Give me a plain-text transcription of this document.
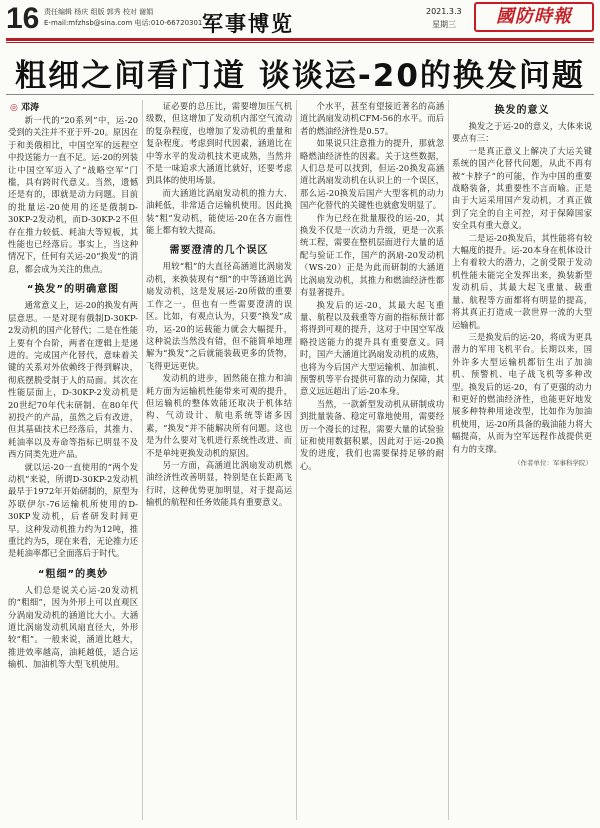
16 责任编辑 杨庆 组版 郭秀 校对 谢娟
E-mail:mfzhsb@sina.com 电话:010-66720301 军事博览
2021.3.3
星期三	國防時報
粗细之间看门道 谈谈运-20的换发问题
◎ 邓涛

新一代的“20系列”中，运-20受到的关注并不亚于歼-20。原因在于和美俄相比，中国空军的远程空中投送能力一直不足。运-20的列装让中国空军迈入了“战略空军”门槛，具有跨时代意义。当然，遗憾还是有的，即就是动力问题。目前的批量运-20使用的还是俄制D-30KP-2发动机，而D-30KP-2不但存在推力较低、耗油大等短板，其性能也已经落后。事实上，当这种情况下，任何有关运-20“换发”的消息，都会成为关注的焦点。

“换发”的明确意图

通常意义上，运-20的换发有两层意思。一是对现有俄制D-30KP-2发动机的国产化替代；二是在性能上要有个台阶，两者在逻辑上是递进的。完成国产化替代，意味着关键的关系对外依赖终于得到解决，彻底摆脱受制于人的局面。其次在性能层面上，D-30KP-2发动机是20世纪70年代末研制、在80年代初投产的产品，虽然之后有改进，但其基础技术已经落后，其推力、耗油率以及寿命等指标已明显不及西方同类先进产品。

就以运-20一直使用的“两个发动机”来说，所谓D-30KP-2发动机最早于1972年开始研制的，原型为苏联伊尔-76运输机所使用的D-30KP发动机，后者研发时间更早。这种发动机推力约为12吨，推重比约为5，现在来看，无论推力还是耗油率都已全面落后于时代。

“粗细”的奥妙

人们总是说关心运-20发动机的“粗细”，因为外形上可以直观区分涡扇发动机的涵道比大小。大涵道比涡扇发动机风扇直径大，外形较“粗”。一般来说，涵道比越大，推进效率越高，油耗越低，适合运输机、加油机等大型飞机使用。

证必要的总压比，需要增加压气机级数，但这增加了发动机内部空气流动的复杂程度，也增加了发动机的重量和复杂程度。考虑到时代因素，涵道比在中等水平的发动机技术更成熟，当然并不是一味追求大涵道比就好，还要考虑到具体的使用场景。

而大涵道比涡扇发动机的推力大、油耗低，非常适合运输机使用。因此换装“粗”发动机，能使运-20在各方面性能上都有较大提高。

需要澄清的几个误区

用较“粗”的大直径高涵道比涡扇发动机，来换装现有“细”的中等涵道比涡扇发动机，这是发展运-20所做的重要工作之一，但也有一些需要澄清的误区。比如，有观点认为，只要“换发”成功，运-20的运载能力就会大幅提升，这种说法当然没有错，但不能简单地理解为“换发”之后就能装载更多的货物，飞得更远更快。

发动机的进步，固然能在推力和油耗方面为运输机性能带来可观的提升，但运输机的整体效能还取决于机体结构、气动设计、航电系统等诸多因素，“换发”并不能解决所有问题。这也是为什么要对飞机进行系统性改进、而不是单纯更换发动机的原因。

另一方面，高涵道比涡扇发动机燃油经济性改善明显，特别是在长距离飞行时，这种优势更加明显，对于提高运输机的航程和任务效能具有重要意义。

个水平，甚至有望接近著名的高涵道比涡扇发动机CFM-56的水平。而后者的燃油经济性是0.57。

如果说只注意推力的提升，那就忽略燃油经济性的因素。关于这些数据，人们总是可以找到，但运-20换发高涵道比涡扇发动机在认识上的一个误区，那么运-20换发后国产大型客机的动力国产化替代的关键性也就愈发明显了。

作为已经在批量服役的运-20，其换发不仅是一次动力升级，更是一次系统工程，需要在整机层面进行大量的适配与验证工作，国产的涡扇-20发动机（WS-20）正是为此而研制的大涵道比涡扇发动机，其推力和燃油经济性都有显著提升。

换发后的运-20，其最大起飞重量、航程以及载重等方面的指标预计都将得到可观的提升，这对于中国空军战略投送能力的提升具有重要意义。同时，国产大涵道比涡扇发动机的成熟，也将为今后国产大型运输机、加油机、预警机等平台提供可靠的动力保障，其意义远远超出了运-20本身。

当然，一款新型发动机从研制成功到批量装备、稳定可靠地使用，需要经历一个漫长的过程，需要大量的试验验证和使用数据积累，因此对于运-20换发的进度，我们也需要保持足够的耐心。

换发的意义

换发之于运-20的意义，大体来说要点有三：

一是真正意义上解决了大运关键系统的国产化替代问题，从此不再有被“卡脖子”的可能，作为中国的重要战略装备，其重要性不言而喻。正是由于大运采用国产发动机，才真正做到了完全的自主可控，对于保障国家安全具有重大意义。

二是运-20换发后，其性能将有较大幅度的提升。运-20本身在机体设计上有着较大的潜力，之前受限于发动机性能未能完全发挥出来，换装新型发动机后，其最大起飞重量、载重量、航程等方面都将有明显的提高，将其真正打造成一款世界一流的大型运输机。

三是换发后的运-20，将成为更具潜力的军用飞机平台。长期以来，国外许多大型运输机都衍生出了加油机、预警机、电子战飞机等多种改型。换发后的运-20，有了更强的动力和更好的燃油经济性，也能更好地发展多种特种用途改型，比如作为加油机使用，运-20所具备的载油能力将大幅提高，从而为空军远程作战提供更有力的支撑。

（作者单位：军事科学院）
